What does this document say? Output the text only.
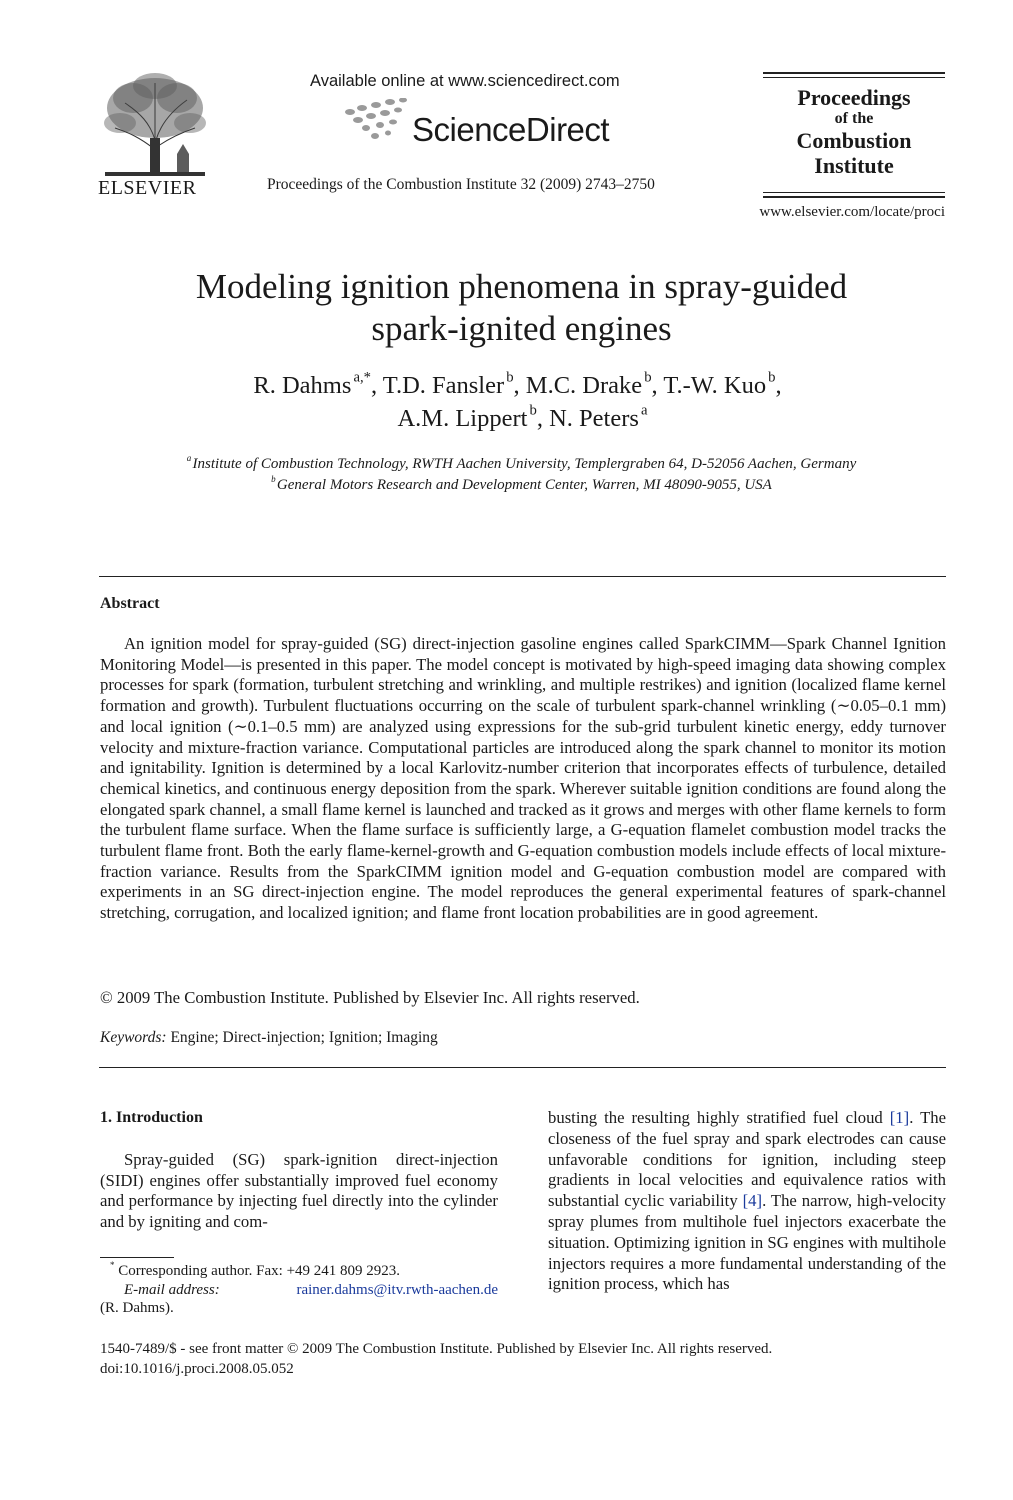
ELSEVIER
Available online at www.sciencedirect.com
ScienceDirect
Proceedings of the Combustion Institute 32 (2009) 2743–2750
Proceedings
of the
Combustion
Institute
www.elsevier.com/locate/proci
Modeling ignition phenomena in spray-guided
spark-ignited engines
R. Dahms  $^{a,*}$, T.D. Fansler  $^b$, M.C. Drake  $^b$, T.-W. Kuo  $^b$,
A.M. Lippert  $^b$, N. Peters  $^a$
$^a$ Institute of Combustion Technology, RWTH Aachen University, Templergraben 64, D-52056 Aachen, Germany
$^b$ General Motors Research and Development Center, Warren, MI 48090-9055, USA
Abstract

An ignition model for spray-guided (SG) direct-injection gasoline engines called SparkCIMM—Spark Channel Ignition Monitoring Model—is presented in this paper. The model concept is motivated by high-speed imaging data showing complex processes for spark (formation, turbulent stretching and wrinkling, and multiple restrikes) and ignition (localized flame kernel formation and growth). Turbulent fluctuations occurring on the scale of turbulent spark-channel wrinkling (∼0.05–0.1 mm) and local ignition (∼0.1–0.5 mm) are analyzed using expressions for the sub-grid turbulent kinetic energy, eddy turnover velocity and mixture-fraction variance. Computational particles are introduced along the spark channel to monitor its motion and ignitability. Ignition is determined by a local Karlovitz-number criterion that incorporates effects of turbulence, detailed chemical kinetics, and continuous energy deposition from the spark. Wherever suitable ignition conditions are found along the elongated spark channel, a small flame kernel is launched and tracked as it grows and merges with other flame kernels to form the turbulent flame surface. When the flame surface is sufficiently large, a G-equation flamelet combustion model tracks the turbulent flame front. Both the early flame-kernel-growth and G-equation combustion models include effects of local mixture-fraction variance. Results from the SparkCIMM ignition model and G-equation combustion model are compared with experiments in an SG direct-injection engine. The model reproduces the general experimental features of spark-channel stretching, corrugation, and localized ignition; and flame front location probabilities are in good agreement.

© 2009 The Combustion Institute. Published by Elsevier Inc. All rights reserved.
Keywords: Engine; Direct-injection; Ignition; Imaging
1. Introduction

Spray-guided (SG) spark-ignition direct-injection (SIDI) engines offer substantially improved fuel economy and performance by injecting fuel directly into the cylinder and by igniting and com-

busting the resulting highly stratified fuel cloud [1]. The closeness of the fuel spray and spark electrodes can cause unfavorable conditions for ignition, including steep gradients in local velocities and equivalence ratios with substantial cyclic variability [4]. The narrow, high-velocity spray plumes from multihole fuel injectors exacerbate the situation. Optimizing ignition in SG engines with multihole injectors requires a more fundamental understanding of the ignition process, which has

* Corresponding author. Fax: +49 241 809 2923.
E-mail address:	rainer.dahms@itv.rwth-aachen.de
(R. Dahms).
1540-7489/$ - see front matter © 2009 The Combustion Institute. Published by Elsevier Inc. All rights reserved.
doi:10.1016/j.proci.2008.05.052
